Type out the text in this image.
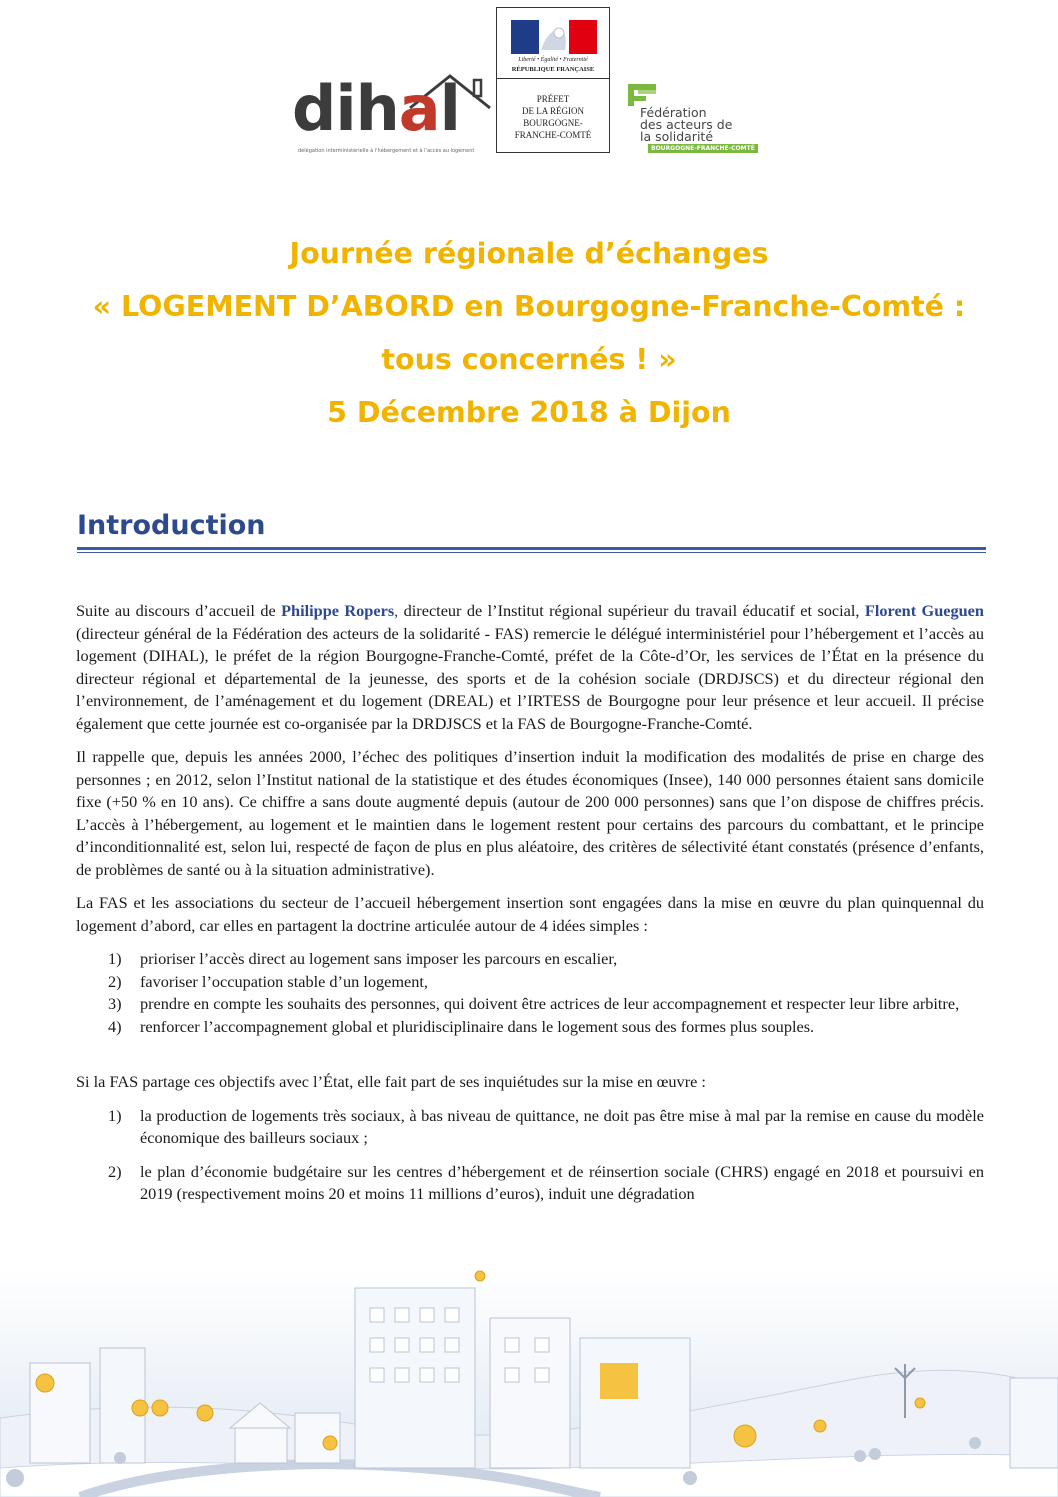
dihal
délégation interministérielle à l'hébergement et à l'accès au logement
Liberté • Égalité • Fraternité
RÉPUBLIQUE FRANÇAISE
PRÉFET
DE LA RÉGION
BOURGOGNE-
FRANCHE-COMTÉ
Fédération
des acteurs de
la solidarité
BOURGOGNE-FRANCHE-COMTÉ
Journée régionale d’échanges
« LOGEMENT D’ABORD en Bourgogne-Franche-Comté :
tous concernés ! »
5 Décembre 2018 à Dijon
Introduction

Suite au discours d’accueil de Philippe Ropers, directeur de l’Institut régional supérieur du travail éducatif et social, Florent Gueguen (directeur général de la Fédération des acteurs de la solidarité - FAS) remercie le délégué interministériel pour l’hébergement et l’accès au logement (DIHAL), le préfet de la région Bourgogne-Franche-Comté, préfet de la Côte-d’Or, les services de l’État en la présence du directeur régional et départemental de la jeunesse, des sports et de la cohésion sociale (DRDJSCS) et du directeur régional den l’environnement, de l’aménagement et du logement (DREAL) et l’IRTESS de Bourgogne pour leur présence et leur accueil. Il précise également que cette journée est co-organisée par la DRDJSCS et la FAS de Bourgogne-Franche-Comté.

Il rappelle que, depuis les années 2000, l’échec des politiques d’insertion induit la modification des modalités de prise en charge des personnes ; en 2012, selon l’Institut national de la statistique et des études économiques (Insee), 140 000 personnes étaient sans domicile fixe (+50 % en 10 ans). Ce chiffre a sans doute augmenté depuis (autour de 200 000 personnes) sans que l’on dispose de chiffres précis. L’accès à l’hébergement, au logement et le maintien dans le logement restent pour certains des parcours du combattant, et le principe d’inconditionnalité est, selon lui, respecté de façon de plus en plus aléatoire, des critères de sélectivité étant constatés (présence d’enfants, de problèmes de santé ou à la situation administrative).

La FAS et les associations du secteur de l’accueil hébergement insertion sont engagées dans la mise en œuvre du plan quinquennal du logement d’abord, car elles en partagent la doctrine articulée autour de 4 idées simples :

1) prioriser l’accès direct au logement sans imposer les parcours en escalier,
2) favoriser l’occupation stable d’un logement,
3) prendre en compte les souhaits des personnes, qui doivent être actrices de leur accompagnement et respecter leur libre arbitre,
4) renforcer l’accompagnement global et pluridisciplinaire dans le logement sous des formes plus souples.

Si la FAS partage ces objectifs avec l’État, elle fait part de ses inquiétudes sur la mise en œuvre :

1) la production de logements très sociaux, à bas niveau de quittance, ne doit pas être mise à mal par la remise en cause du modèle économique des bailleurs sociaux ;
2) le plan d’économie budgétaire sur les centres d’hébergement et de réinsertion sociale (CHRS) engagé en 2018 et poursuivi en 2019 (respectivement moins 20 et moins 11 millions d’euros), induit une dégradation
